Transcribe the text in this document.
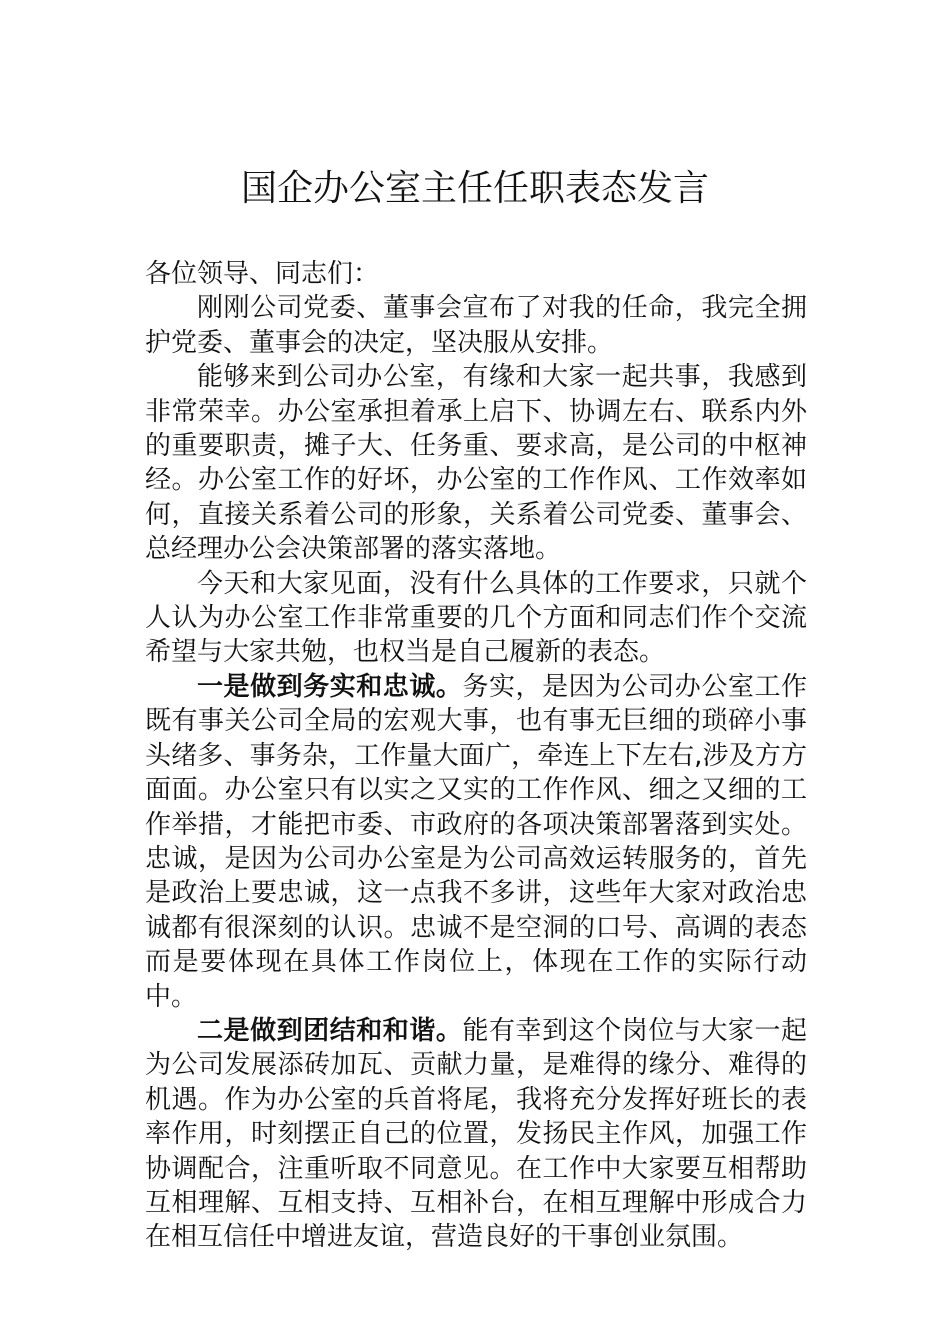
国企办公室主任任职表态发言

各位领导、同志们：

刚刚公司党委、董事会宣布了对我的任命，我完全拥护党委、董事会的决定，坚决服从安排。

能够来到公司办公室，有缘和大家一起共事，我感到非常荣幸。办公室承担着承上启下、协调左右、联系内外的重要职责，摊子大、任务重、要求高，是公司的中枢神经。办公室工作的好坏，办公室的工作作风、工作效率如何，直接关系着公司的形象，关系着公司党委、董事会、总经理办公会决策部署的落实落地。

今天和大家见面，没有什么具体的工作要求，只就个人认为办公室工作非常重要的几个方面和同志们作个交流希望与大家共勉，也权当是自己履新的表态。

一是做到务实和忠诚。务实，是因为公司办公室工作既有事关公司全局的宏观大事，也有事无巨细的琐碎小事头绪多、事务杂，工作量大面广，牵连上下左右,涉及方方面面。办公室只有以实之又实的工作作风、细之又细的工作举措，才能把市委、市政府的各项决策部署落到实处。忠诚，是因为公司办公室是为公司高效运转服务的，首先是政治上要忠诚，这一点我不多讲，这些年大家对政治忠诚都有很深刻的认识。忠诚不是空洞的口号、高调的表态而是要体现在具体工作岗位上，体现在工作的实际行动中。

二是做到团结和和谐。能有幸到这个岗位与大家一起为公司发展添砖加瓦、贡献力量，是难得的缘分、难得的机遇。作为办公室的兵首将尾，我将充分发挥好班长的表率作用，时刻摆正自己的位置，发扬民主作风，加强工作协调配合，注重听取不同意见。在工作中大家要互相帮助互相理解、互相支持、互相补台，在相互理解中形成合力在相互信任中增进友谊，营造良好的干事创业氛围。
